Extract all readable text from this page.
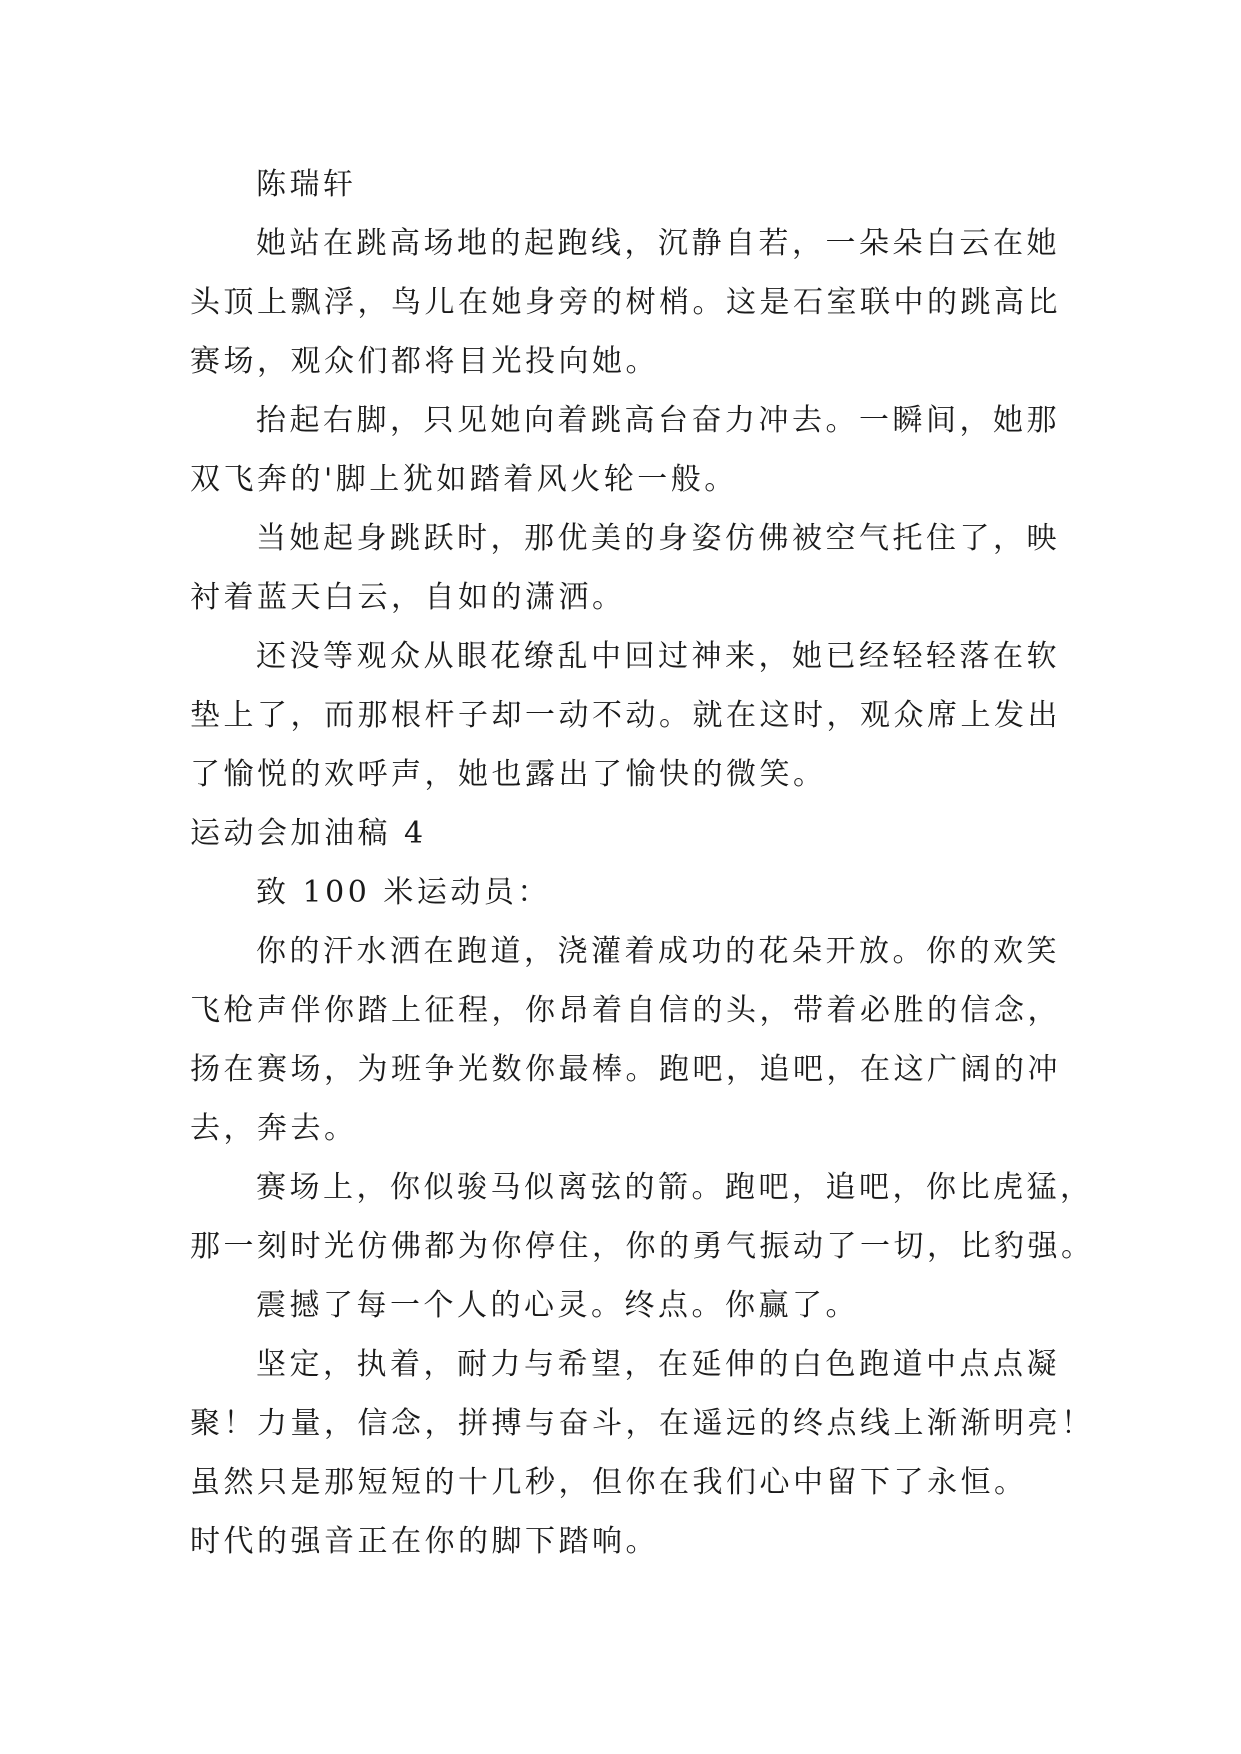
陈瑞轩
她站在跳高场地的起跑线，沉静自若，一朵朵白云在她
头顶上飘浮，鸟儿在她身旁的树梢。这是石室联中的跳高比
赛场，观众们都将目光投向她。
抬起右脚，只见她向着跳高台奋力冲去。一瞬间，她那
双飞奔的'脚上犹如踏着风火轮一般。
当她起身跳跃时，那优美的身姿仿佛被空气托住了，映
衬着蓝天白云，自如的潇洒。
还没等观众从眼花缭乱中回过神来，她已经轻轻落在软
垫上了，而那根杆子却一动不动。就在这时，观众席上发出
了愉悦的欢呼声，她也露出了愉快的微笑。
运动会加油稿 4
致 100 米运动员：
你的汗水洒在跑道，浇灌着成功的花朵开放。你的欢笑
飞枪声伴你踏上征程，你昂着自信的头，带着必胜的信念，
扬在赛场，为班争光数你最棒。跑吧，追吧，在这广阔的冲
去，奔去。
赛场上，你似骏马似离弦的箭。跑吧，追吧，你比虎猛，
那一刻时光仿佛都为你停住，你的勇气振动了一切，比豹强。
震撼了每一个人的心灵。终点。你赢了。
坚定，执着，耐力与希望，在延伸的白色跑道中点点凝
聚！力量，信念，拼搏与奋斗，在遥远的终点线上渐渐明亮！
虽然只是那短短的十几秒，但你在我们心中留下了永恒。
时代的强音正在你的脚下踏响。
